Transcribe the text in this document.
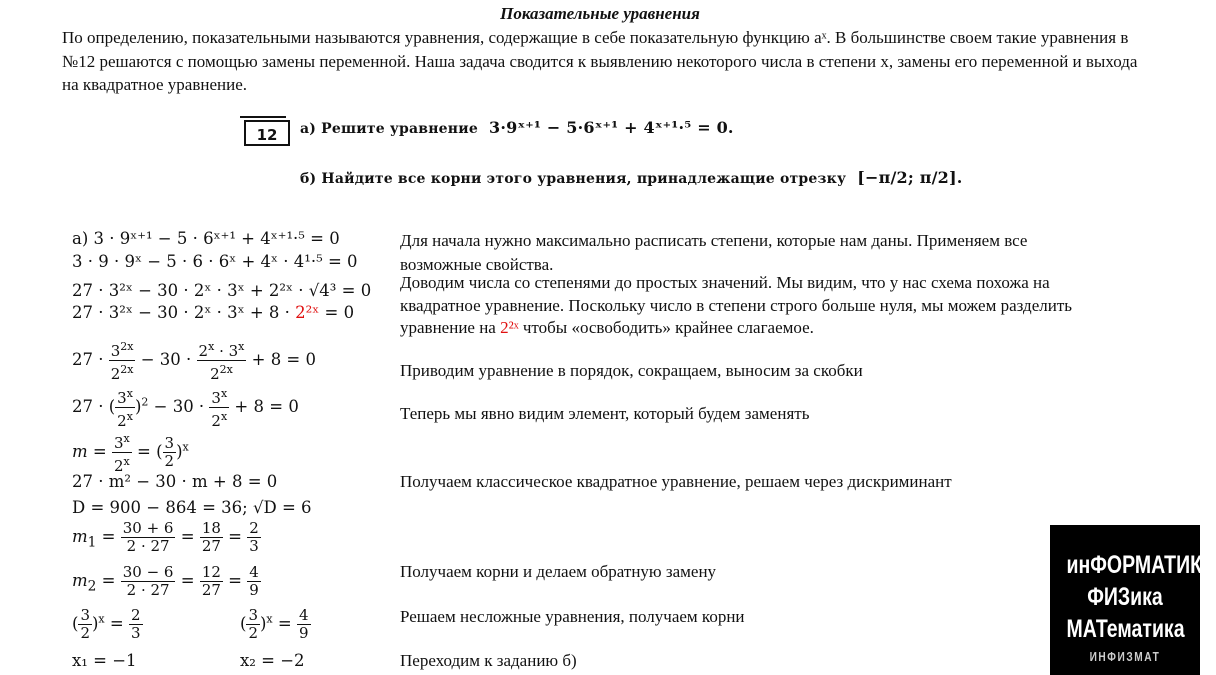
Показательные уравнения
По определению, показательными называются уравнения, содержащие в себе показательную функцию aˣ. В большинстве своем такие уравнения в №12 решаются с помощью замены переменной. Наша задача сводится к выявлению некоторого числа в степени х, замены его переменной и выхода на квадратное уравнение.
12	а) Решите уравнение 3·9ˣ⁺¹ − 5·6ˣ⁺¹ + 4ˣ⁺¹·⁵ = 0.
б) Найдите все корни этого уравнения, принадлежащие отрезку [−π/2; π/2].
а) 3 · 9ˣ⁺¹ − 5 · 6ˣ⁺¹ + 4ˣ⁺¹·⁵ = 0
3 · 9 · 9ˣ − 5 · 6 · 6ˣ + 4ˣ · 4¹·⁵ = 0
27 · 3²ˣ − 30 · 2ˣ · 3ˣ + 2²ˣ · √4³ = 0
27 · 3²ˣ − 30 · 2ˣ · 3ˣ + 8 · 2²ˣ = 0
$27 \cdot \frac{3^{2x}}{2^{2x}} - 30 \cdot \frac{2^x \cdot 3^x}{2^{2x}} + 8 = 0$
27 · ( $\frac{3^x}{2^x} )^2 - 30 \cdot \frac{3^x}{2^x} + 8 = 0$
$m = \frac{3^x}{2^x}$ = ( $\frac{3}{2} )^x$
27 · m² − 30 · m + 8 = 0
D = 900 − 864 = 36; √D = 6
$m_1 = \frac{30 + 6}{2 \cdot 27} = \frac{18}{27} = \frac{2}{3}$
$m_2 = \frac{30 - 6}{2 \cdot 27} = \frac{12}{27} = \frac{4}{9}$
( $\frac{3}{2} )^x = \frac{2}{3}$	( $\frac{3}{2} )^x = \frac{4}{9}$
x₁ = −1	x₂ = −2
Для начала нужно максимально расписать степени, которые нам даны. Применяем все возможные свойства.
Доводим числа со степенями до простых значений. Мы видим, что у нас схема похожа на квадратное уравнение. Поскольку число в степени строго больше нуля, мы можем разделить уравнение на 2²ˣ чтобы «освободить» крайнее слагаемое.
Приводим уравнение в порядок, сокращаем, выносим за скобки
Теперь мы явно видим элемент, который будем заменять
Получаем классическое квадратное уравнение, решаем через дискриминант
Получаем корни и делаем обратную замену
Решаем несложные уравнения, получаем корни
Переходим к заданию б)
инФОРМАТИКА
ФИЗика
МАТематика
ИНФИЗМАТ
